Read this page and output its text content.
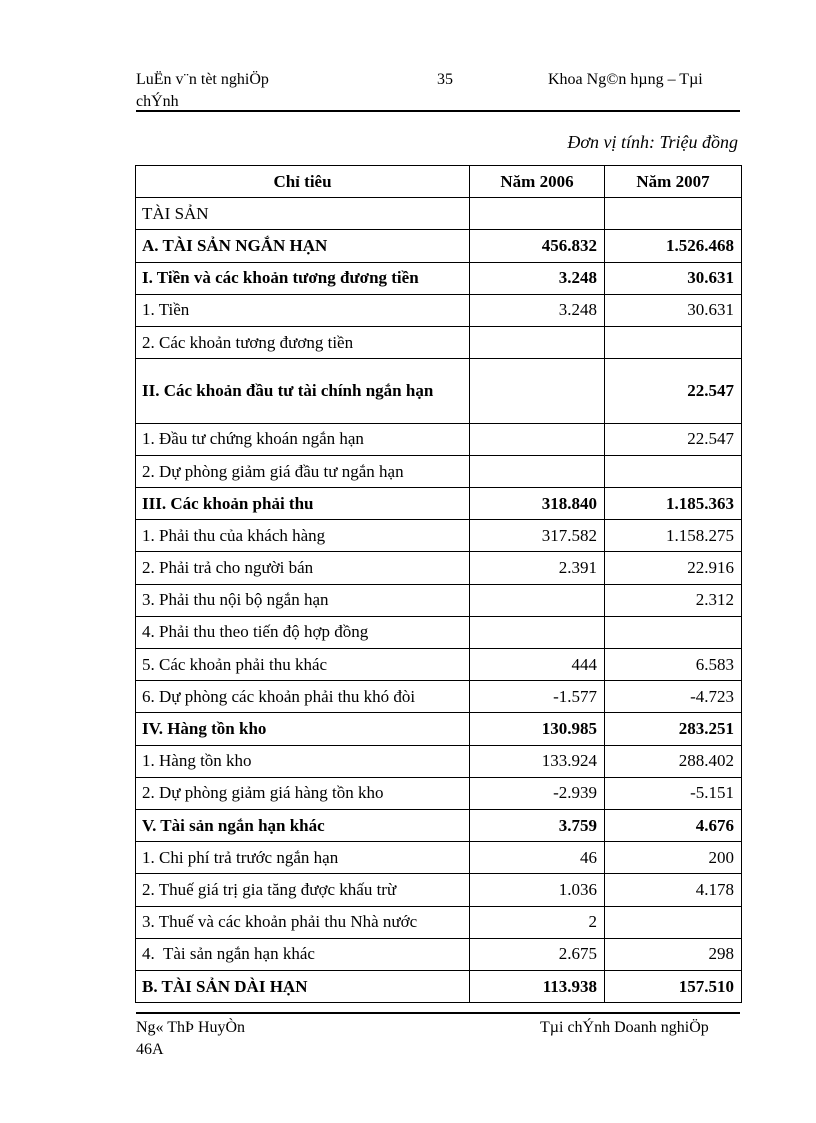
LuËn v¨n tèt nghiÖp
chÝnh
35	Khoa Ng©n hµng – Tµi
Đơn vị tính: Triệu đồng
Chỉ tiêu	Năm 2006	Năm 2007
TÀI SẢN		
A. TÀI SẢN NGẮN HẠN	456.832	1.526.468
I. Tiền và các khoản tương đương tiền	3.248	30.631
1. Tiền	3.248	30.631
2. Các khoản tương đương tiền		
II. Các khoản đầu tư tài chính ngắn hạn		22.547
1. Đầu tư chứng khoán ngắn hạn		22.547
2. Dự phòng giảm giá đầu tư ngắn hạn		
III. Các khoản phải thu	318.840	1.185.363
1. Phải thu của khách hàng	317.582	1.158.275
2. Phải trả cho người bán	2.391	22.916
3. Phải thu nội bộ ngắn hạn		2.312
4. Phải thu theo tiến độ hợp đồng		
5. Các khoản phải thu khác	444	6.583
6. Dự phòng các khoản phải thu khó đòi	-1.577	-4.723
IV. Hàng tồn kho	130.985	283.251
1. Hàng tồn kho	133.924	288.402
2. Dự phòng giảm giá hàng tồn kho	-2.939	-5.151
V. Tài sản ngắn hạn khác	3.759	4.676
1. Chi phí trả trước ngắn hạn	46	200
2. Thuế giá trị gia tăng được khấu trừ	1.036	4.178
3. Thuế và các khoản phải thu Nhà nước	2	
4.  Tài sản ngắn hạn khác	2.675	298
B. TÀI SẢN DÀI HẠN	113.938	157.510
Ng« ThÞ HuyÒn
46A
Tµi chÝnh Doanh nghiÖp
